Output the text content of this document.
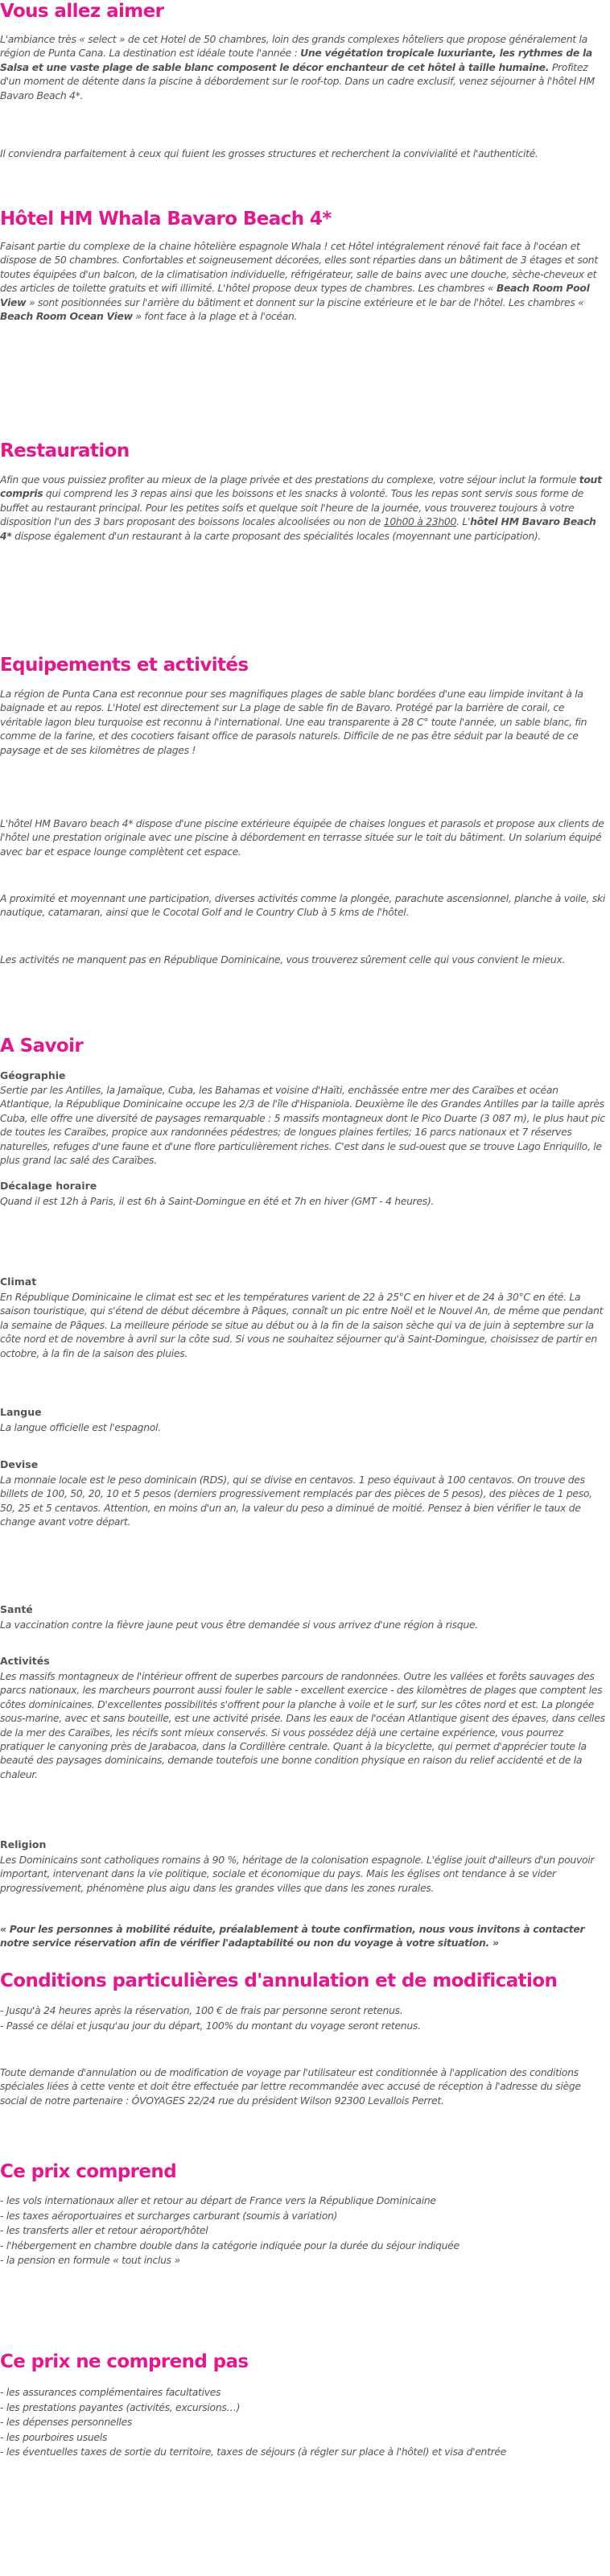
Vous allez aimer

L'ambiance très « select » de cet Hotel de 50 chambres, loin des grands complexes hôteliers que propose généralement la région de Punta Cana. La destination est idéale toute l'année : Une végétation tropicale luxuriante, les rythmes de la Salsa et une vaste plage de sable blanc composent le décor enchanteur de cet hôtel à taille humaine. Profitez d'un moment de détente dans la piscine à débordement sur le roof-top. Dans un cadre exclusif, venez séjourner à l'hôtel HM Bavaro Beach 4*.

Il conviendra parfaitement à ceux qui fuient les grosses structures et recherchent la convivialité et l'authenticité.

Hôtel HM Whala Bavaro Beach 4*

Faisant partie du complexe de la chaine hôtelière espagnole Whala ! cet Hôtel intégralement rénové fait face à l'océan et dispose de 50 chambres. Confortables et soigneusement décorées, elles sont réparties dans un bâtiment de 3 étages et sont toutes équipées d'un balcon, de la climatisation individuelle, réfrigérateur, salle de bains avec une douche, sèche-cheveux et des articles de toilette gratuits et wifi illimité. L'hôtel propose deux types de chambres. Les chambres « Beach Room Pool View » sont positionnées sur l'arrière du bâtiment et donnent sur la piscine extérieure et le bar de l'hôtel. Les chambres « Beach Room Ocean View » font face à la plage et à l'océan.

Restauration

Afin que vous puissiez profiter au mieux de la plage privée et des prestations du complexe, votre séjour inclut la formule tout compris qui comprend les 3 repas ainsi que les boissons et les snacks à volonté. Tous les repas sont servis sous forme de buffet au restaurant principal. Pour les petites soifs et quelque soit l'heure de la journée, vous trouverez toujours à votre disposition l'un des 3 bars proposant des boissons locales alcoolisées ou non de 10h00 à 23h00. L'hôtel HM Bavaro Beach 4* dispose également d'un restaurant à la carte proposant des spécialités locales (moyennant une participation).

Equipements et activités

La région de Punta Cana est reconnue pour ses magnifiques plages de sable blanc bordées d'une eau limpide invitant à la baignade et au repos. L'Hotel est directement sur La plage de sable fin de Bavaro. Protégé par la barrière de corail, ce véritable lagon bleu turquoise est reconnu à l'international. Une eau transparente à 28 C° toute l'année, un sable blanc, fin comme de la farine, et des cocotiers faisant office de parasols naturels. Difficile de ne pas être séduit par la beauté de ce paysage et de ses kilomètres de plages !

L'hôtel HM Bavaro beach 4* dispose d'une piscine extérieure équipée de chaises longues et parasols et propose aux clients de l'hôtel une prestation originale avec une piscine à débordement en terrasse située sur le toit du bâtiment. Un solarium équipé avec bar et espace lounge complètent cet espace.

A proximité et moyennant une participation, diverses activités comme la plongée, parachute ascensionnel, planche à voile, ski nautique, catamaran, ainsi que le Cocotal Golf and le Country Club à 5 kms de l'hôtel.

Les activités ne manquent pas en République Dominicaine, vous trouverez sûrement celle qui vous convient le mieux.

A Savoir
Géographie

Sertie par les Antilles, la Jamaïque, Cuba, les Bahamas et voisine d'Haïti, enchâssée entre mer des Caraïbes et océan Atlantique, la République Dominicaine occupe les 2/3 de l'île d'Hispaniola. Deuxième île des Grandes Antilles par la taille après Cuba, elle offre une diversité de paysages remarquable : 5 massifs montagneux dont le Pico Duarte (3 087 m), le plus haut pic de toutes les Caraïbes, propice aux randonnées pédestres; de longues plaines fertiles; 16 parcs nationaux et 7 réserves naturelles, refuges d'une faune et d'une flore particulièrement riches. C'est dans le sud-ouest que se trouve Lago Enriquillo, le plus grand lac salé des Caraïbes.

Décalage horaire

Quand il est 12h à Paris, il est 6h à Saint-Domingue en été et 7h en hiver (GMT - 4 heures).

Climat

En République Dominicaine le climat est sec et les températures varient de 22 à 25°C en hiver et de 24 à 30°C en été. La saison touristique, qui s'étend de début décembre à Pâques, connaît un pic entre Noël et le Nouvel An, de même que pendant la semaine de Pâques. La meilleure période se situe au début ou à la fin de la saison sèche qui va de juin à septembre sur la côte nord et de novembre à avril sur la côte sud. Si vous ne souhaitez séjourner qu'à Saint-Domingue, choisissez de partir en octobre, à la fin de la saison des pluies.

Langue

La langue officielle est l'espagnol.

Devise

La monnaie locale est le peso dominicain (RDS), qui se divise en centavos. 1 peso équivaut à 100 centavos. On trouve des billets de 100, 50, 20, 10 et 5 pesos (derniers progressivement remplacés par des pièces de 5 pesos), des pièces de 1 peso, 50, 25 et 5 centavos. Attention, en moins d'un an, la valeur du peso a diminué de moitié. Pensez à bien vérifier le taux de change avant votre départ.

Santé

La vaccination contre la fièvre jaune peut vous être demandée si vous arrivez d'une région à risque.

Activités

Les massifs montagneux de l'intérieur offrent de superbes parcours de randonnées. Outre les vallées et forêts sauvages des parcs nationaux, les marcheurs pourront aussi fouler le sable - excellent exercice - des kilomètres de plages que comptent les côtes dominicaines. D'excellentes possibilités s'offrent pour la planche à voile et le surf, sur les côtes nord et est. La plongée sous-marine, avec et sans bouteille, est une activité prisée. Dans les eaux de l'océan Atlantique gisent des épaves, dans celles de la mer des Caraïbes, les récifs sont mieux conservés. Si vous possédez déjà une certaine expérience, vous pourrez pratiquer le canyoning près de Jarabacoa, dans la Cordillère centrale. Quant à la bicyclette, qui permet d'apprécier toute la beauté des paysages dominicains, demande toutefois une bonne condition physique en raison du relief accidenté et de la chaleur.

Religion

Les Dominicains sont catholiques romains à 90 %, héritage de la colonisation espagnole. L'église jouit d'ailleurs d'un pouvoir important, intervenant dans la vie politique, sociale et économique du pays. Mais les églises ont tendance à se vider progressivement, phénomène plus aigu dans les grandes villes que dans les zones rurales.

« Pour les personnes à mobilité réduite, préalablement à toute confirmation, nous vous invitons à contacter notre service réservation afin de vérifier l'adaptabilité ou non du voyage à votre situation. »

Conditions particulières d'annulation et de modification
- Jusqu'à 24 heures après la réservation, 100 € de frais par personne seront retenus.
- Passé ce délai et jusqu'au jour du départ, 100% du montant du voyage seront retenus.

Toute demande d'annulation ou de modification de voyage par l'utilisateur est conditionnée à l'application des conditions spéciales liées à cette vente et doit être effectuée par lettre recommandée avec accusé de réception à l'adresse du siège social de notre partenaire : ÔVOYAGES 22/24 rue du président Wilson 92300 Levallois Perret.

Ce prix comprend
- les vols internationaux aller et retour au départ de France vers la République Dominicaine
- les taxes aéroportuaires et surcharges carburant (soumis à variation)
- les transferts aller et retour aéroport/hôtel
- l'hébergement en chambre double dans la catégorie indiquée pour la durée du séjour indiquée
- la pension en formule « tout inclus »
Ce prix ne comprend pas
- les assurances complémentaires facultatives
- les prestations payantes (activités, excursions…)
- les dépenses personnelles
- les pourboires usuels
- les éventuelles taxes de sortie du territoire, taxes de séjours (à régler sur place à l'hôtel) et visa d'entrée
